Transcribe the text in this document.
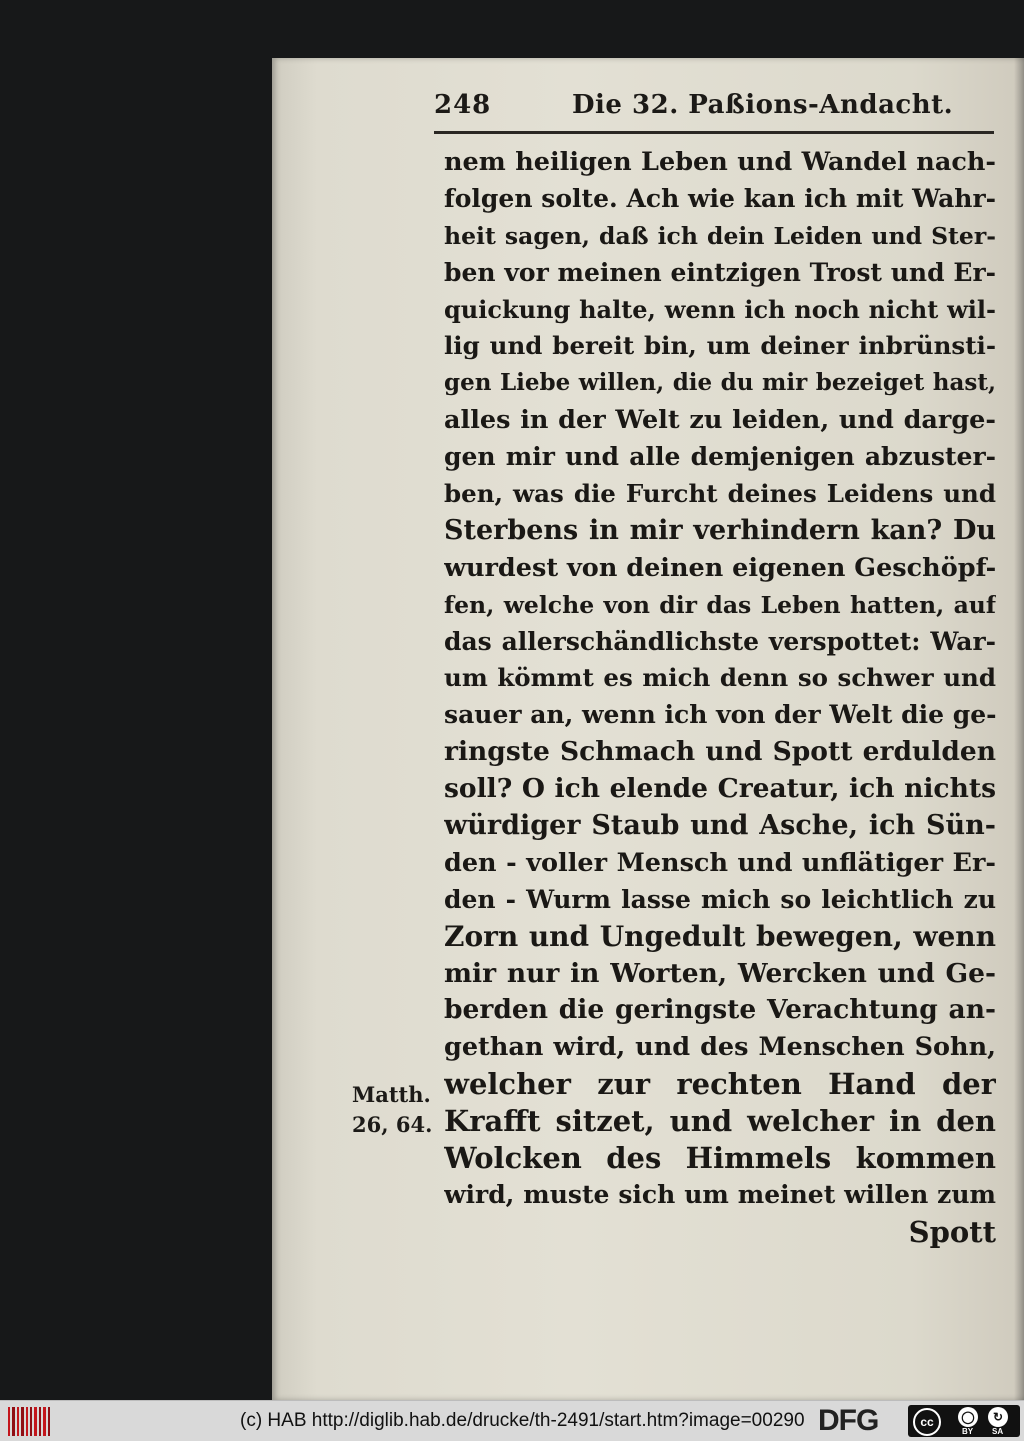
248	Die 32. Paßions-Andacht.
Matth.
26, 64.
nem heiligen Leben und Wandel nach-
folgen solte. Ach wie kan ich mit Wahr-
heit sagen, daß ich dein Leiden und Ster-
ben vor meinen eintzigen Trost und Er-
quickung halte, wenn ich noch nicht wil-
lig und bereit bin, um deiner inbrünsti-
gen Liebe willen, die du mir bezeiget hast,
alles in der Welt zu leiden, und darge-
gen mir und alle demjenigen abzuster-
ben, was die Furcht deines Leidens und
Sterbens in mir verhindern kan? Du
wurdest von deinen eigenen Geschöpf-
fen, welche von dir das Leben hatten, auf
das allerschändlichste verspottet: War-
um kömmt es mich denn so schwer und
sauer an, wenn ich von der Welt die ge-
ringste Schmach und Spott erdulden
soll? O ich elende Creatur, ich nichts
würdiger Staub und Asche, ich Sün-
den - voller Mensch und unflätiger Er-
den - Wurm lasse mich so leichtlich zu
Zorn und Ungedult bewegen, wenn
mir nur in Worten, Wercken und Ge-
berden die geringste Verachtung an-
gethan wird, und des Menschen Sohn,
welcher zur rechten Hand der
Krafft sitzet, und welcher in den
Wolcken des Himmels kommen
wird, muste sich um meinet willen zum
Spott
(c) HAB http://diglib.hab.de/drucke/th-2491/start.htm?image=00290 DFG	cc	◯	↻
BY SA
